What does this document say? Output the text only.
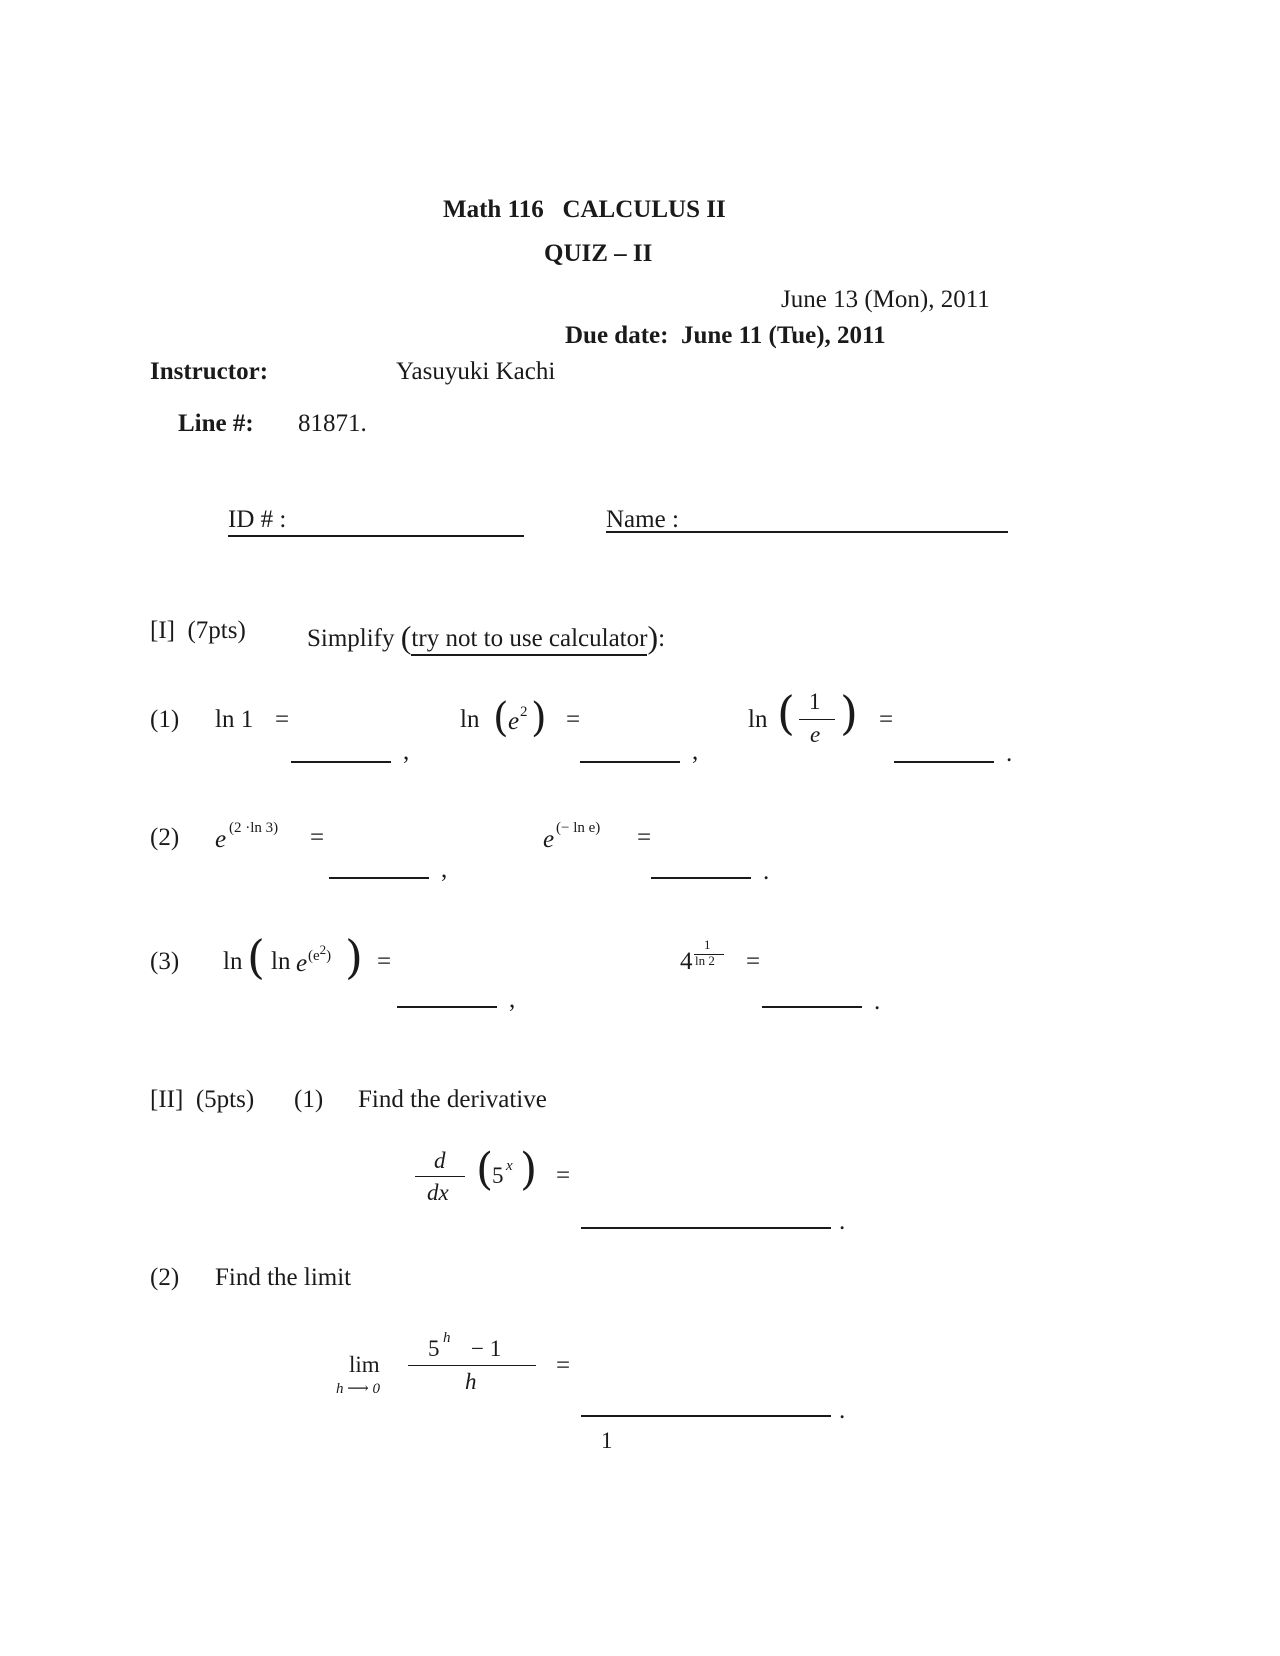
Math 116 CALCULUS II
QUIZ – II
June 13 (Mon), 2011
Due date: June 11 (Tue), 2011
Instructor:	Yasuyuki Kachi
Line #: 81871.
ID # :	Name :
[I] (7pts) Simplify (try not to use calculator):
(1) ln 1 =
,
ln ( e 2 ) =
,
ln ( 1
e ) =
.
(2) e (2 ·ln 3) =
,
e (− ln e) =
.
(3) ln ( ln e $(e^2)$ ) =
,
4
1
ln 2 =
.
[II] (5pts) (1) Find the derivative
d
dx (
5 x ) =
.
(2) Find the limit
lim
h ⟶ 0
5 h − 1
h
=
.
1
